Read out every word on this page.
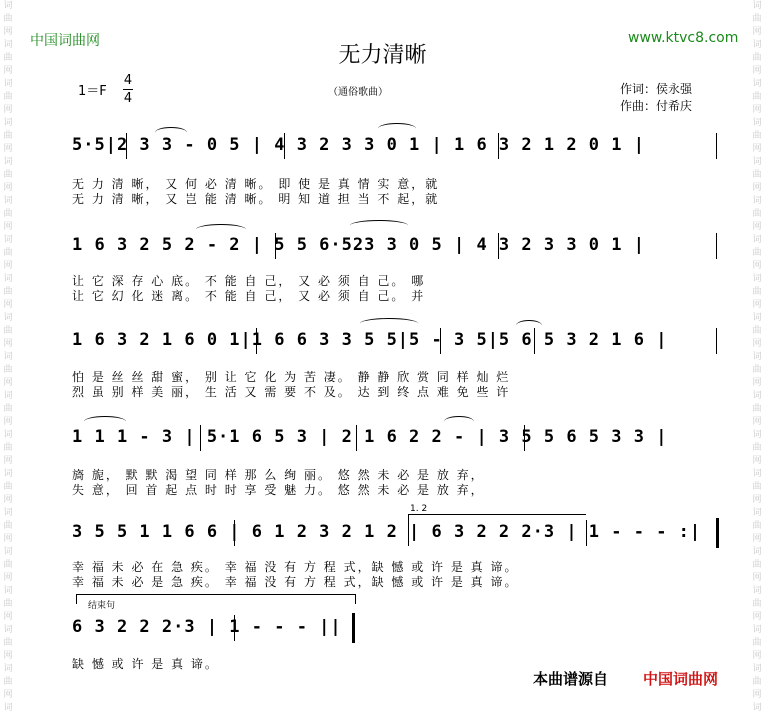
词
曲
网
词
曲
网
词
曲
网
词
曲
网
词
曲
网
词
曲
网
词
曲
网
词
曲
网
词
曲
网
词
曲
网
词
曲
网
词
曲
网
词
曲
网
词
曲
网
词
曲
网
词
曲
网
词
曲
网
词
曲
网
词
词
曲
网
词
曲
网
词
曲
网
词
曲
网
词
曲
网
词
曲
网
词
曲
网
词
曲
网
词
曲
网
词
曲
网
词
曲
网
词
曲
网
词
曲
网
词
曲
网
词
曲
网
词
曲
网
词
曲
网
词
曲
网
词
中国词曲网	www.ktvc8.com
无力清晰
1＝F
4
4	（通俗歌曲）	作词：侯永强
作曲：付希庆
5·5|2 3 3 - 0 5 | 4 3 2 3 3 0 1 | 1 6 3 2 1 2 0 1 |
无 力 清 晰， 又 何 必 清 晰。 即 使 是 真 情 实 意，就
无 力 清 晰， 又 岂 能 清 晰。 明 知 道 担 当 不 起，就
1 6 3 2 5 2 - 2 | 5 5 6·523 3 0 5 | 4 3 2 3 3 0 1 |
让 它 深 存 心 底。 不 能 自 己， 又 必 须 自 己。 哪
让 它 幻 化 迷 离。 不 能 自 己， 又 必 须 自 己。 并
1 6 3 2 1 6 0 1|1 6 6 3 3 5 5|5 - 3 5|5 6 5 3 2 1 6 |
怕 是 丝 丝 甜 蜜， 别 让 它 化 为 苦 凄。 静 静 欣 赏 同 样 灿 烂
烈 虽 别 样 美 丽， 生 活 又 需 要 不 及。 达 到 终 点 难 免 些 许
1 1 1 - 3 | 5·1 6 5 3 | 2 1 6 2 2 - | 3 5 5 6 5 3 3 |
旖 旎， 默 默 渴 望 同 样 那 么 绚 丽。 悠 然 未 必 是 放 弃，
失 意， 回 首 起 点 时 时 享 受 魅 力。 悠 然 未 必 是 放 弃，
1. 2
3 5 5 1 1 6 6 | 6 1 2 3 2 1 2 | 6 3 2 2 2·3 | 1 - - - :|
幸 福 未 必 在 急 疾。 幸 福 没 有 方 程 式，缺 憾 或 许 是 真 谛。
幸 福 未 必 是 急 疾。 幸 福 没 有 方 程 式，缺 憾 或 许 是 真 谛。
结束句
6 3 2 2 2·3 | 1 - - - ||
缺 憾 或 许 是 真 谛。
本曲谱源自 中国词曲网
